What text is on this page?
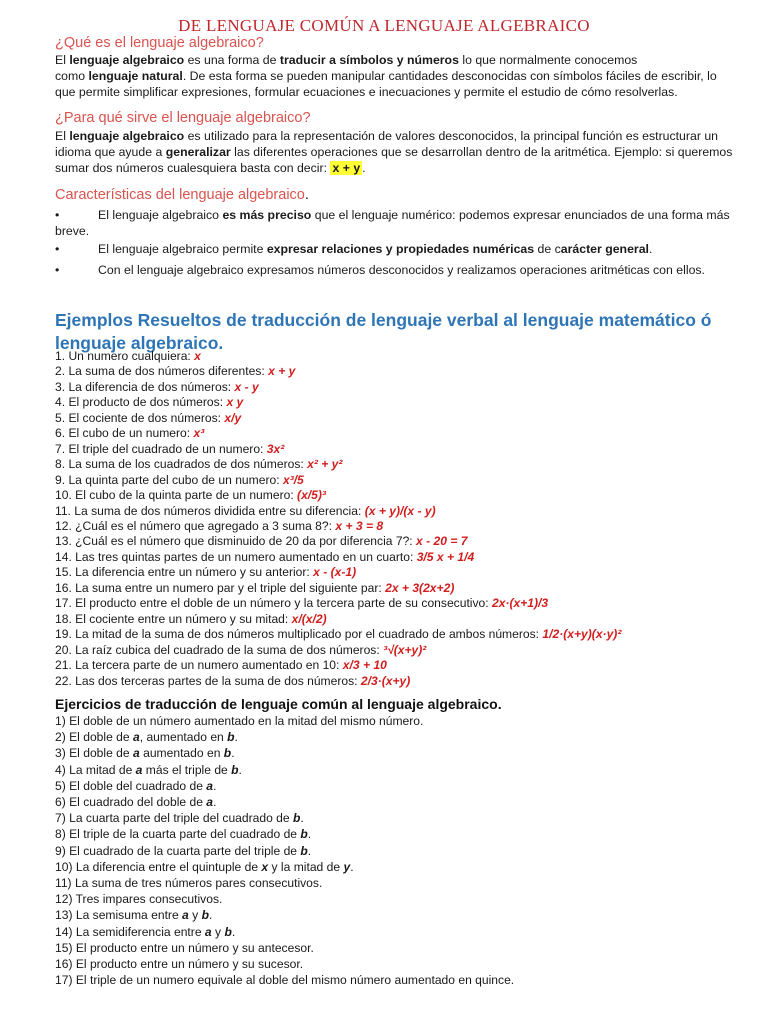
DE LENGUAJE COMÚN A LENGUAJE ALGEBRAICO
¿Qué es el lenguaje algebraico?
El lenguaje algebraico es una forma de traducir a símbolos y números lo que normalmente conocemos
como lenguaje natural. De esta forma se pueden manipular cantidades desconocidas con símbolos fáciles de escribir, lo que permite simplificar expresiones, formular ecuaciones e inecuaciones y permite el estudio de cómo resolverlas.
¿Para qué sirve el lenguaje algebraico?
El lenguaje algebraico es utilizado para la representación de valores desconocidos, la principal función es estructurar un idioma que ayude a generalizar las diferentes operaciones que se desarrollan dentro de la aritmética. Ejemplo: si queremos sumar dos números cualesquiera basta con decir: x + y .
Características del lenguaje algebraico.
•	El lenguaje algebraico es más preciso que el lenguaje numérico: podemos expresar enunciados de una forma más breve.
•	El lenguaje algebraico permite expresar relaciones y propiedades numéricas de carácter general.
•	Con el lenguaje algebraico expresamos números desconocidos y realizamos operaciones aritméticas con ellos.
Ejemplos Resueltos de traducción de lenguaje verbal al lenguaje matemático ó lenguaje algebraico.
1. Un numero cualquiera: x
2. La suma de dos números diferentes: x + y
3. La diferencia de dos números: x - y
4. El producto de dos números: x y
5. El cociente de dos números: x/y
6. El cubo de un numero: x³
7. El triple del cuadrado de un numero: 3x²
8. La suma de los cuadrados de dos números: x² + y²
9. La quinta parte del cubo de un numero: x³/5
10. El cubo de la quinta parte de un numero: (x/5)³
11. La suma de dos números dividida entre su diferencia: (x + y)/(x - y)
12. ¿Cuál es el número que agregado a 3 suma 8?: x + 3 = 8
13. ¿Cuál es el número que disminuido de 20 da por diferencia 7?: x - 20 = 7
14. Las tres quintas partes de un numero aumentado en un cuarto: 3/5 x + 1/4
15. La diferencia entre un número y su anterior: x - (x-1)
16. La suma entre un numero par y el triple del siguiente par: 2x + 3(2x+2)
17. El producto entre el doble de un número y la tercera parte de su consecutivo: 2x·(x+1)/3
18. El cociente entre un número y su mitad: x/(x/2)
19. La mitad de la suma de dos números multiplicado por el cuadrado de ambos números: 1/2·(x+y)(x·y)²
20. La raíz cubica del cuadrado de la suma de dos números: ³√(x+y)²
21. La tercera parte de un numero aumentado en 10: x/3 + 10
22. Las dos terceras partes de la suma de dos números: 2/3·(x+y)
Ejercicios de traducción de lenguaje común al lenguaje algebraico.
1) El doble de un número aumentado en la mitad del mismo número.
2) El doble de a, aumentado en b.
3) El doble de a aumentado en b.
4) La mitad de a más el triple de b.
5) El doble del cuadrado de a.
6) El cuadrado del doble de a.
7) La cuarta parte del triple del cuadrado de b.
8) El triple de la cuarta parte del cuadrado de b.
9) El cuadrado de la cuarta parte del triple de b.
10) La diferencia entre el quintuple de x y la mitad de y.
11) La suma de tres números pares consecutivos.
12) Tres impares consecutivos.
13) La semisuma entre a y b.
14) La semidiferencia entre a y b.
15) El producto entre un número y su antecesor.
16) El producto entre un número y su sucesor.
17) El triple de un numero equivale al doble del mismo número aumentado en quince.
